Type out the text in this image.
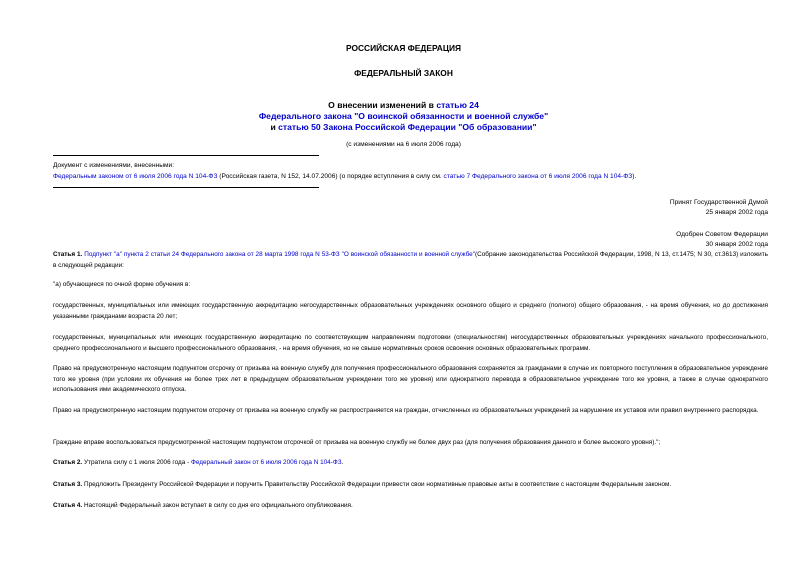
РОССИЙСКАЯ ФЕДЕРАЦИЯ
ФЕДЕРАЛЬНЫЙ ЗАКОН
О внесении изменений в статью 24
Федерального закона "О воинской обязанности и военной службе"
и статью 50 Закона Российской Федерации "Об образовании"
(с изменениями на 6 июля 2006 года)
Документ с изменениями, внесенными:
Федеральным законом от 6 июля 2006 года N 104-ФЗ (Российская газета, N 152, 14.07.2006) (о порядке вступления в силу см. статью 7 Федерального закона от 6 июля 2006 года N 104-ФЗ).
Принят Государственной Думой
25 января 2002 года
Одобрен Советом Федерации
30 января 2002 года
Статья 1. Подпункт "а" пункта 2 статьи 24 Федерального закона от 28 марта 1998 года N 53-ФЗ "О воинской обязанности и военной службе"(Собрание законодательства Российской Федерации, 1998, N 13, ст.1475; N 30, ст.3613) изложить в следующей редакции:
"а) обучающиеся по очной форме обучения в:
государственных, муниципальных или имеющих государственную аккредитацию негосударственных образовательных учреждениях основного общего и среднего (полного) общего образования, - на время обучения, но до достижения указанными гражданами возраста 20 лет;
государственных, муниципальных или имеющих государственную аккредитацию по соответствующим направлениям подготовки (специальностям) негосударственных образовательных учреждениях начального профессионального, среднего профессионального и высшего профессионального образования, - на время обучения, но не свыше нормативных сроков освоения основных образовательных программ.
Право на предусмотренную настоящим подпунктом отсрочку от призыва на военную службу для получения профессионального образования сохраняется за гражданами в случае их повторного поступления в образовательное учреждение того же уровня (при условии их обучения не более трех лет в предыдущем образовательном учреждении того же уровня) или однократного перевода в образовательное учреждение того же уровня, а также в случае однократного использования ими академического отпуска.
Право на предусмотренную настоящим подпунктом отсрочку от призыва на военную службу не распространяется на граждан, отчисленных из образовательных учреждений за нарушение их уставов или правил внутреннего распорядка.
Граждане вправе воспользоваться предусмотренной настоящим подпунктом отсрочкой от призыва на военную службу не более двух раз (для получения образования данного и более высокого уровня).";
Статья 2. Утратила силу с 1 июля 2006 года - Федеральный закон от 6 июля 2006 года N 104-ФЗ.
Статья 3. Предложить Президенту Российской Федерации и поручить Правительству Российской Федерации привести свои нормативные правовые акты в соответствие с настоящим Федеральным законом.
Статья 4. Настоящий Федеральный закон вступает в силу со дня его официального опубликования.
